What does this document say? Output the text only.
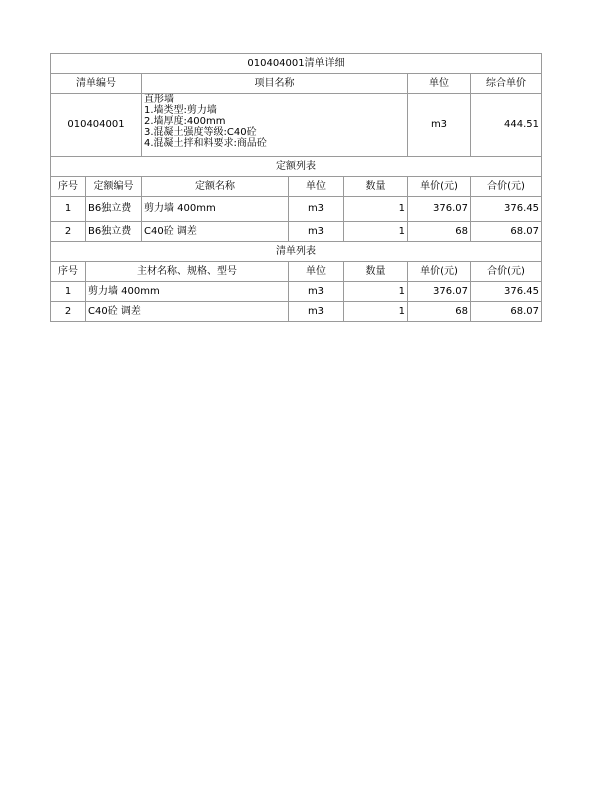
010404001清单详细			
清单编号	项目名称	单位	综合单价
010404001	直形墙
1.墙类型:剪力墙
2.墙厚度:400mm
3.混凝土强度等级:C40砼
4.混凝土拌和料要求:商品砼	m3	444.51
定额列表						
序号	定额编号	定额名称	单位	数量	单价(元)	合价(元)
1	B6独立费	剪力墙 400mm	m3	1	376.07	376.45
2	B6独立费	C40砼 调差	m3	1	68	68.07
清单列表					
序号	主材名称、规格、型号	单位	数量	单价(元)	合价(元)
1	剪力墙 400mm	m3	1	376.07	376.45
2	C40砼 调差	m3	1	68	68.07
